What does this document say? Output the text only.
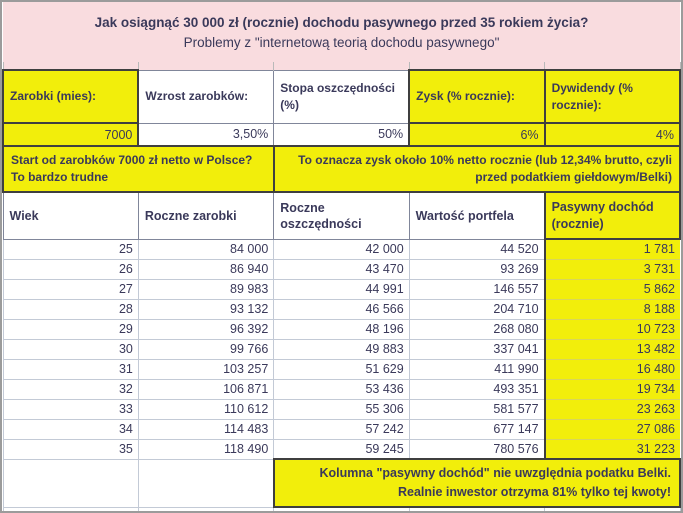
Jak osiągnąć 30 000 zł (rocznie) dochodu pasywnego przed 35 rokiem życia?
Problemy z "internetową teorią dochodu pasywnego"				

Zarobki (mies):	Wzrost zarobków:	Stopa oszczędności (%)	Zysk (% rocznie):	Dywidendy (% rocznie):
7000	3,50%	50%	6%	4%
Start od zarobków 7000 zł netto w Polsce? To bardzo trudne		To oznacza zysk około 10% netto rocznie (lub 12,34% brutto, czyli przed podatkiem giełdowym/Belki)		
Wiek	Roczne zarobki	Roczne oszczędności	Wartość portfela	Pasywny dochód (rocznie)
25	84 000	42 000	44 520	1 781
26	86 940	43 470	93 269	3 731
27	89 983	44 991	146 557	5 862
28	93 132	46 566	204 710	8 188
29	96 392	48 196	268 080	10 723
30	99 766	49 883	337 041	13 482
31	103 257	51 629	411 990	16 480
32	106 871	53 436	493 351	19 734
33	110 612	55 306	581 577	23 263
34	114 483	57 242	677 147	27 086
35	118 490	59 245	780 576	31 223
		Kolumna "pasywny dochód" nie uwzględnia podatku Belki. Realnie inwestor otrzyma 81% tylko tej kwoty!		
